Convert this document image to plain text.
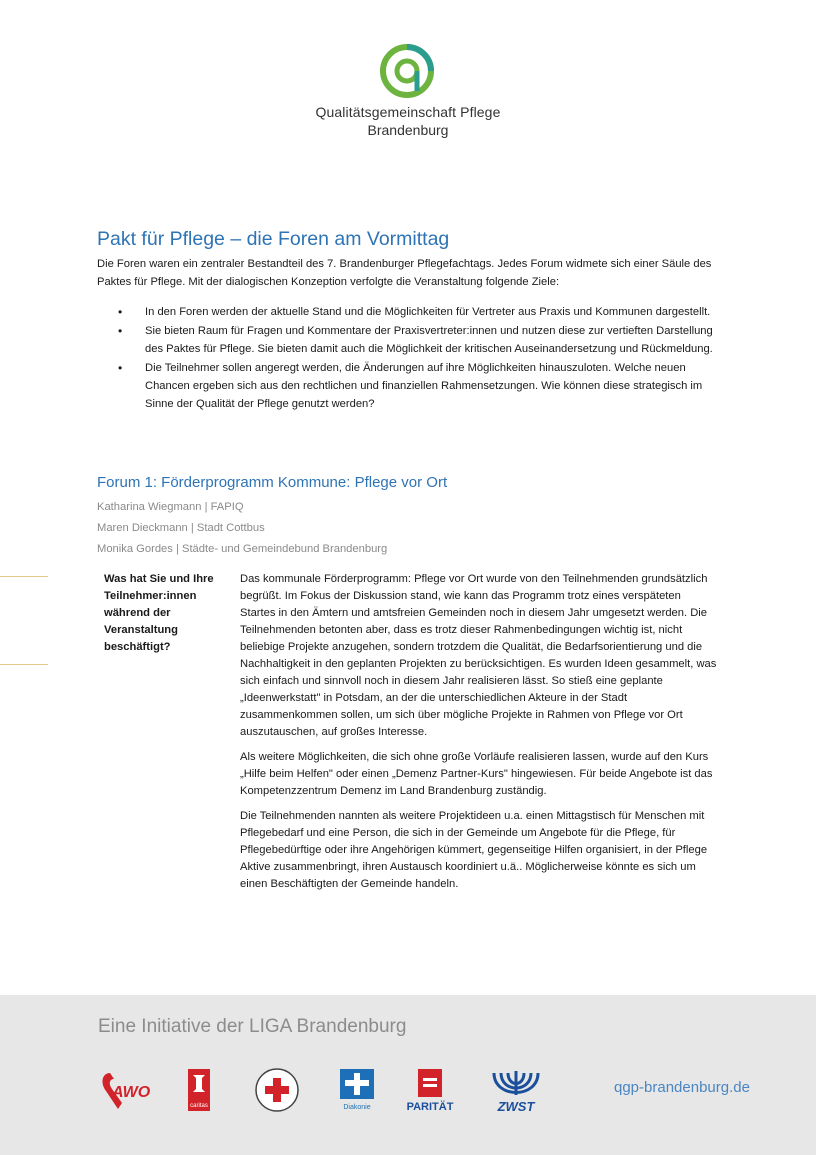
Qualitätsgemeinschaft Pflege
Brandenburg
Pakt für Pflege – die Foren am Vormittag
Die Foren waren ein zentraler Bestandteil des 7. Brandenburger Pflegefachtags. Jedes Forum widmete sich einer Säule des Paktes für Pflege. Mit der dialogischen Konzeption verfolgte die Veranstaltung folgende Ziele:
• In den Foren werden der aktuelle Stand und die Möglichkeiten für Vertreter aus Praxis und Kommunen dargestellt.
• Sie bieten Raum für Fragen und Kommentare der Praxisvertreter:innen und nutzen diese zur vertieften Darstellung des Paktes für Pflege. Sie bieten damit auch die Möglichkeit der kritischen Auseinandersetzung und Rückmeldung.
• Die Teilnehmer sollen angeregt werden, die Änderungen auf ihre Möglichkeiten hinauszuloten. Welche neuen Chancen ergeben sich aus den rechtlichen und finanziellen Rahmensetzungen. Wie können diese strategisch im Sinne der Qualität der Pflege genutzt werden?
Forum 1: Förderprogramm Kommune: Pflege vor Ort
Katharina Wiegmann | FAPIQ
Maren Dieckmann | Stadt Cottbus
Monika Gordes | Städte- und Gemeindebund Brandenburg
Was hat Sie und Ihre Teilnehmer:innen während der Veranstaltung beschäftigt?

Das kommunale Förderprogramm: Pflege vor Ort wurde von den Teilnehmenden grundsätzlich begrüßt. Im Fokus der Diskussion stand, wie kann das Programm trotz eines verspäteten Startes in den Ämtern und amtsfreien Gemeinden noch in diesem Jahr umgesetzt werden. Die Teilnehmenden betonten aber, dass es trotz dieser Rahmenbedingungen wichtig ist, nicht beliebige Projekte anzugehen, sondern trotzdem die Qualität, die Bedarfsorientierung und die Nachhaltigkeit in den geplanten Projekten zu berücksichtigen. Es wurden Ideen gesammelt, was sich einfach und sinnvoll noch in diesem Jahr realisieren lässt. So stieß eine geplante „Ideenwerkstatt" in Potsdam, an der die unterschiedlichen Akteure in der Stadt zusammenkommen sollen, um sich über mögliche Projekte in Rahmen von Pflege vor Ort auszutauschen, auf großes Interesse.

Als weitere Möglichkeiten, die sich ohne große Vorläufe realisieren lassen, wurde auf den Kurs „Hilfe beim Helfen" oder einen „Demenz Partner-Kurs" hingewiesen. Für beide Angebote ist das Kompetenzzentrum Demenz im Land Brandenburg zuständig.

Die Teilnehmenden nannten als weitere Projektideen u.a. einen Mittagstisch für Menschen mit Pflegebedarf und eine Person, die sich in der Gemeinde um Angebote für die Pflege, für Pflegebedürftige oder ihre Angehörigen kümmert, gegenseitige Hilfen organisiert, in der Pflege Aktive zusammenbringt, ihren Austausch koordiniert u.ä.. Möglicherweise könnte es sich um einen Beschäftigten der Gemeinde handeln.

Eine Initiative der LIGA Brandenburg
AWO
caritas	Diakonie	PARITÄT	ZWST
qgp-brandenburg.de
